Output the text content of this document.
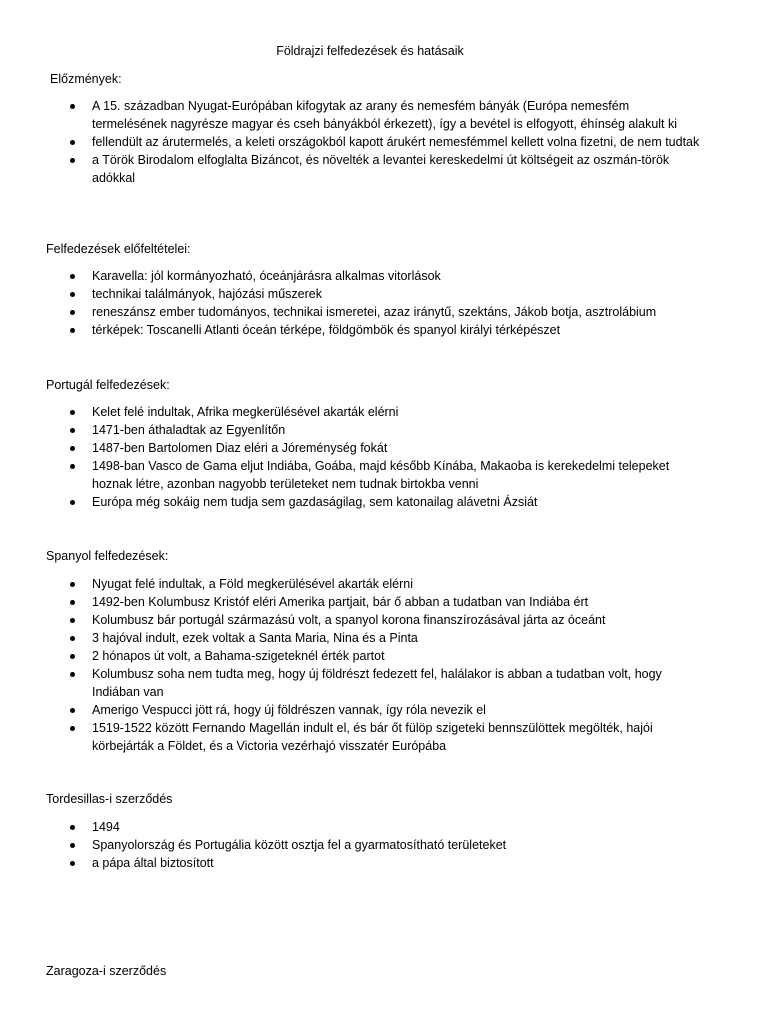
Földrajzi felfedezések és hatásaik
Előzmények:
A 15. században Nyugat-Európában kifogytak az arany és nemesfém bányák (Európa nemesfém termelésének nagyrésze magyar és cseh bányákból érkezett), így a bevétel is elfogyott, éhínség alakult ki
fellendült az árutermelés, a keleti országokból kapott árukért nemesfémmel kellett volna fizetni, de nem tudtak
a Török Birodalom elfoglalta Bizáncot, és növelték a levantei kereskedelmi út költségeit az oszmán-török adókkal
Felfedezések előfeltételei:
Karavella: jól kormányozható, óceánjárásra alkalmas vitorlások
technikai találmányok, hajózási műszerek
reneszánsz ember tudományos, technikai ismeretei, azaz iránytű, szektáns, Jákob botja, asztrolábium
térképek: Toscanelli Atlanti óceán térképe, földgömbök és spanyol királyi térképészet
Portugál felfedezések:
Kelet felé indultak, Afrika megkerülésével akarták elérni
1471-ben áthaladtak az Egyenlítőn
1487-ben Bartolomen Diaz eléri a Jóreménység fokát
1498-ban Vasco de Gama eljut Indiába, Goába, majd később Kínába, Makaoba is kerekedelmi telepeket hoznak létre, azonban nagyobb területeket nem tudnak birtokba venni
Európa még sokáig nem tudja sem gazdaságilag, sem katonailag alávetni Ázsiát
Spanyol felfedezések:
Nyugat felé indultak, a Föld megkerülésével akarták elérni
1492-ben Kolumbusz Kristóf eléri Amerika partjait, bár ő abban a tudatban van Indiába ért
Kolumbusz bár portugál származású volt, a spanyol korona finanszírozásával járta az óceánt
3 hajóval indult, ezek voltak a Santa Maria, Nina és a Pinta
2 hónapos út volt, a Bahama-szigeteknél érték partot
Kolumbusz soha nem tudta meg, hogy új földrészt fedezett fel, halálakor is abban a tudatban volt, hogy Indiában van
Amerigo Vespucci jött rá, hogy új földrészen vannak, így róla nevezik el
1519-1522 között Fernando Magellán indult el, és bár őt fülöp szigeteki bennszülöttek megölték, hajói körbejárták a Földet, és a Victoria vezérhajó visszatér Európába
Tordesillas-i szerződés
1494
Spanyolország és Portugália között osztja fel a gyarmatosítható területeket
a pápa által biztosított
Zaragoza-i szerződés
